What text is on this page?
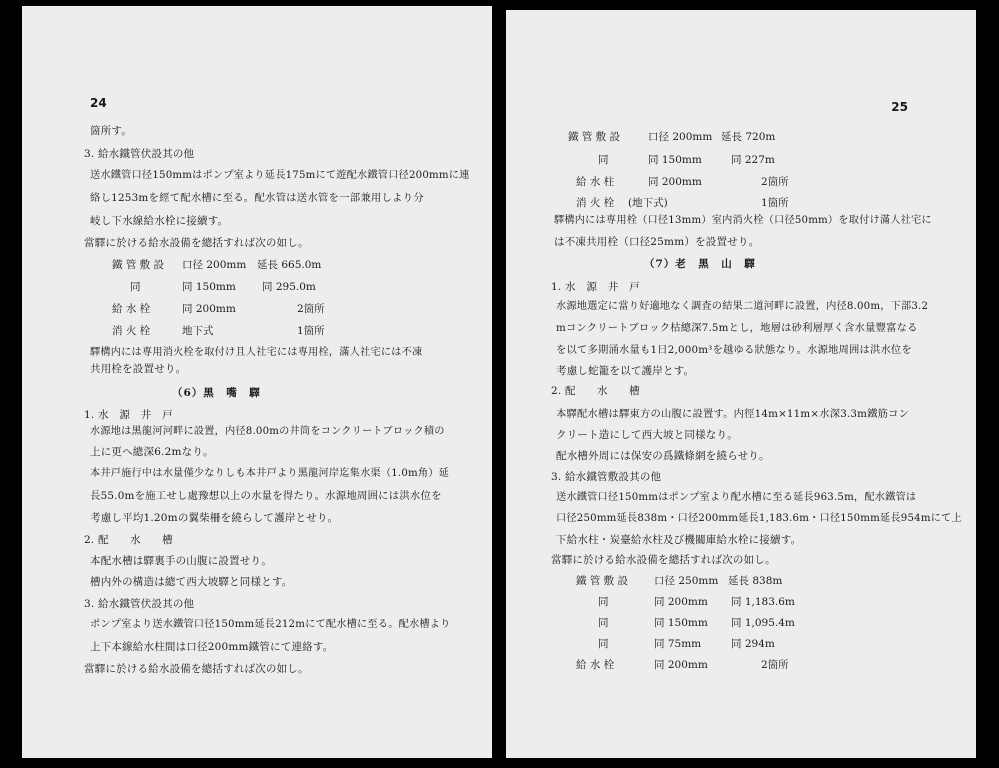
24
箇所す。
3. 給水鐵管伏設其の他
送水鐵管口径150mmはポンプ室より延長175mにて遊配水鐵管口径200mmに連
絡し1253mを經て配水槽に至る。配水管は送水管を一部兼用しより分
岐し下水線給水栓に接續す。
當驛に於ける給水設備を總括すれば次の如し。
鐵 管 敷 設 口径 200mm 延長 665.0m
同	同 150mm 同 295.0m
給 水 栓	同 200mm	2箇所
消 火 栓	地下式	1箇所
驛構内には専用消火栓を取付け且人社宅には専用栓，滿人社宅には不凍
共用栓を設置せり。
（6）黑　嘴　驛
1. 水　源　井　戸
水源地は黑龍河河畔に設置，内径8.00mの井筒をコンクリートブロック積の
上に更へ總深6.2mなり。
本井戸施行中は水量僅少なりしも本井戸より黑龍河岸迄集水渠（1.0m角）延
長55.0mを施工せし處豫想以上の水量を得たり。水源地周囲には洪水位を
考慮し平均1.20mの翼柴柵を繞らして護岸とせり。
2. 配　　水　　槽
本配水槽は驛裏手の山腹に設置せり。
槽内外の構造は總て西大坡驛と同様とす。
3. 給水鐵管伏設其の他
ポンプ室より送水鐵管口径150mm延長212mにて配水槽に至る。配水槽より
上下本線給水柱間は口径200mm鐵管にて連絡す。
當驛に於ける給水設備を總括すれば次の如し。
25
鐵 管 敷 設	口径 200mm 延長 720m
同	同 150mm	同 227m
給 水 柱	同 200mm	2箇所
消 火 栓 (地下式)	1箇所
驛構内には専用栓（口径13mm）室内消火栓（口径50mm）を取付け滿人社宅に
は不凍共用栓（口径25mm）を設置せり。
（7）老　黑　山　驛
1. 水　源　井　戸
水源地選定に當り好適地なく調査の結果二道河畔に設置，内径8.00m，下部3.2
mコンクリートブロック枯總深7.5mとし，地層は砂利層厚く含水量豐富なる
を以て多期涌水量も1日2,000m³を越ゆる狀態なり。水源地周囲は洪水位を
考慮し蛇籠を以て護岸とす。
2. 配　　水　　槽
本驛配水槽は驛東方の山腹に設置す。内徑14m×11m×水深3.3m鐵筋コン
クリート造にして西大坡と同様なり。
配水槽外周には保安の爲鐵條網を繞らせり。
3. 給水鐵管敷設其の他
送水鐵管口径150mmはポンプ室より配水槽に至る延長963.5m，配水鐵管は
口径250mm延長838m・口径200mm延長1,183.6m・口径150mm延長954mにて上
下給水柱・炭臺給水柱及び機關庫給水栓に接續す。
當驛に於ける給水設備を總括すれば次の如し。
鐵 管 敷 設 口径 250mm 延長 838m
同	同 200mm 同 1,183.6m
同	同 150mm 同 1,095.4m
同	同 75mm	同 294m
給 水 栓	同 200mm	2箇所
